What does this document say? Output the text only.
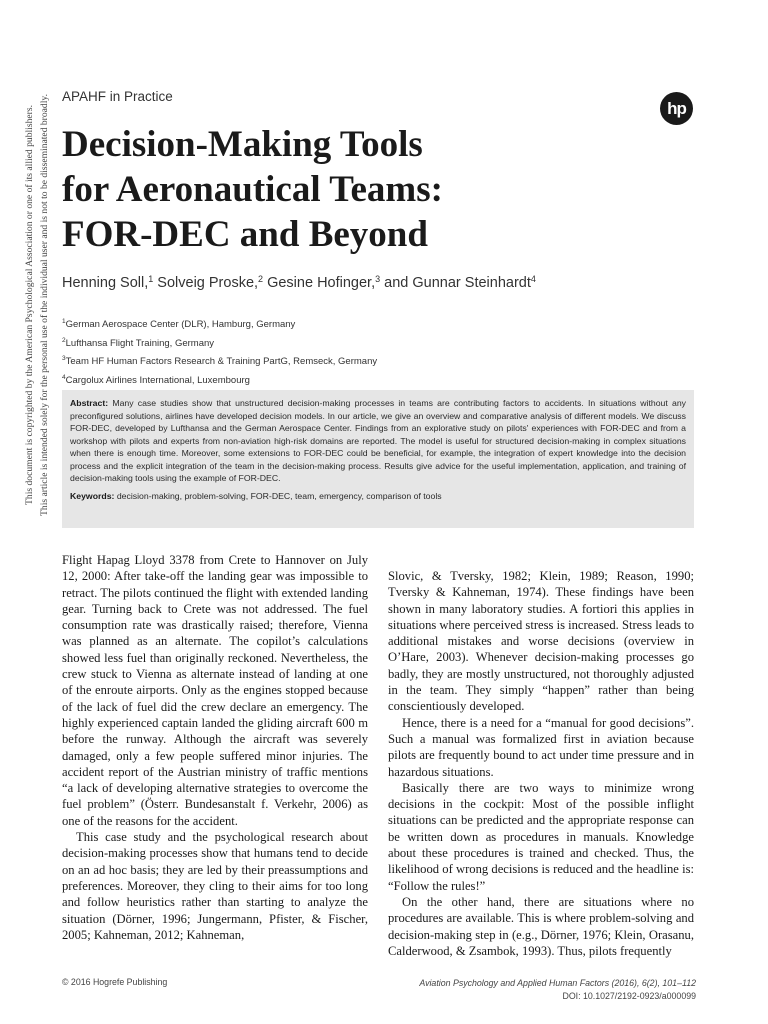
APAHF in Practice
hp
Decision-Making Tools
for Aeronautical Teams:
FOR-DEC and Beyond
Henning Soll,$^1$ Solveig Proske,$^2$ Gesine Hofinger,$^3$ and Gunnar Steinhardt$^4$
$^1$German Aerospace Center (DLR), Hamburg, Germany
$^2$Lufthansa Flight Training, Germany
$^3$Team HF Human Factors Research & Training PartG, Remseck, Germany
$^4$Cargolux Airlines International, Luxembourg

Abstract: Many case studies show that unstructured decision-making processes in teams are contributing factors to accidents. In situations without any preconfigured solutions, airlines have developed decision models. In our article, we give an overview and comparative analysis of different models. We discuss FOR-DEC, developed by Lufthansa and the German Aerospace Center. Findings from an explorative study on pilots' experiences with FOR-DEC and from a workshop with pilots and experts from non-aviation high-risk domains are reported. The model is useful for structured decision-making in complex situations when there is enough time. Moreover, some extensions to FOR-DEC could be beneficial, for example, the integration of expert knowledge into the decision process and the explicit integration of the team in the decision-making process. Results give advice for the useful implementation, application, and training of decision-making tools using the example of FOR-DEC.

Keywords: decision-making, problem-solving, FOR-DEC, team, emergency, comparison of tools

Flight Hapag Lloyd 3378 from Crete to Hannover on July 12, 2000: After take-off the landing gear was impossible to retract. The pilots continued the flight with extended landing gear. Turning back to Crete was not addressed. The fuel consumption rate was drastically raised; therefore, Vienna was planned as an alternate. The copilot’s calculations showed less fuel than originally reckoned. Nevertheless, the crew stuck to Vienna as alternate instead of landing at one of the enroute airports. Only as the engines stopped because of the lack of fuel did the crew declare an emergency. The highly experienced captain landed the gliding aircraft 600 m before the runway. Although the aircraft was severely damaged, only a few people suffered minor injuries. The accident report of the Austrian ministry of traffic mentions “a lack of developing alternative strategies to overcome the fuel problem” (Österr. Bundesanstalt f. Verkehr, 2006) as one of the reasons for the accident.

This case study and the psychological research about decision-making processes show that humans tend to decide on an ad hoc basis; they are led by their preassumptions and preferences. Moreover, they cling to their aims for too long and follow heuristics rather than starting to analyze the situation (Dörner, 1996; Jungermann, Pfister, & Fischer, 2005; Kahneman, 2012; Kahneman,

Slovic, & Tversky, 1982; Klein, 1989; Reason, 1990; Tversky & Kahneman, 1974). These findings have been shown in many laboratory studies. A fortiori this applies in situations where perceived stress is increased. Stress leads to additional mistakes and worse decisions (overview in O’Hare, 2003). Whenever decision-making processes go badly, they are mostly unstructured, not thoroughly adjusted in the team. They simply “happen” rather than being conscientiously developed.

Hence, there is a need for a “manual for good decisions”. Such a manual was formalized first in aviation because pilots are frequently bound to act under time pressure and in hazardous situations.

Basically there are two ways to minimize wrong decisions in the cockpit: Most of the possible inflight situations can be predicted and the appropriate response can be written down as procedures in manuals. Knowledge about these procedures is trained and checked. Thus, the likelihood of wrong decisions is reduced and the headline is: “Follow the rules!”

On the other hand, there are situations where no procedures are available. This is where problem-solving and decision-making step in (e.g., Dörner, 1976; Klein, Orasanu, Calderwood, & Zsambok, 1993). Thus, pilots frequently

This document is copyrighted by the American Psychological Association or one of its allied publishers. This article is intended solely for the personal use of the individual user and is not to be disseminated broadly.
© 2016 Hogrefe Publishing	Aviation Psychology and Applied Human Factors (2016), 6(2), 101–112
DOI: 10.1027/2192-0923/a000099
